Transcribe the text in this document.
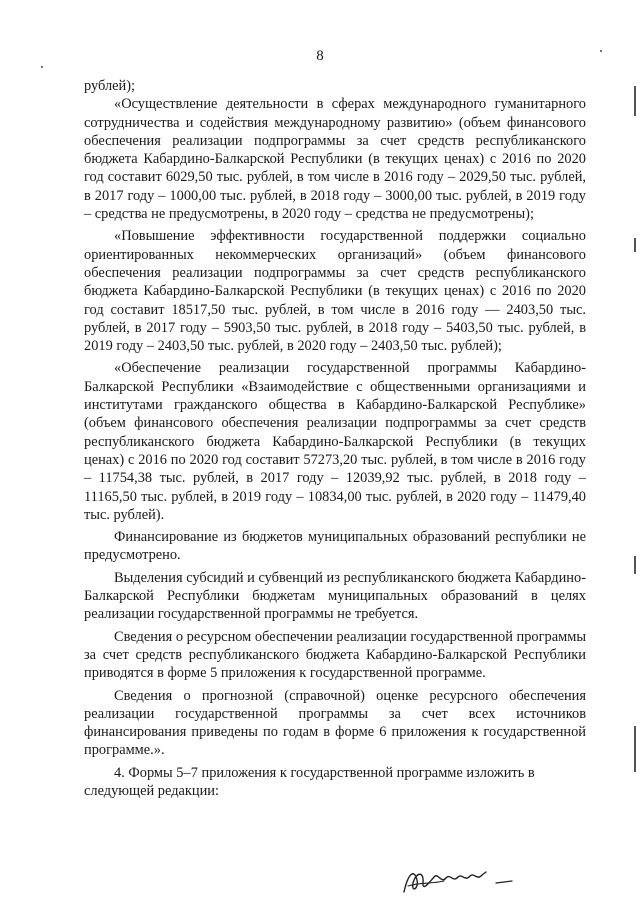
8

рублей);

«Осуществление деятельности в сферах международного гуманитарного сотрудничества и содействия международному развитию» (объем финансового обеспечения реализации подпрограммы за счет средств республиканского бюджета Кабардино-Балкарской Республики (в текущих ценах) с 2016 по 2020 год составит 6029,50 тыс. рублей, в том числе в 2016 году – 2029,50 тыс. рублей, в 2017 году – 1000,00 тыс. рублей, в 2018 году – 3000,00 тыс. рублей, в 2019 году – средства не предусмотрены, в 2020 году – средства не предусмотрены);

«Повышение эффективности государственной поддержки социально ориентированных некоммерческих организаций» (объем финансового обеспечения реализации подпрограммы за счет средств республиканского бюджета Кабардино-Балкарской Республики (в текущих ценах) с 2016 по 2020 год составит 18517,50 тыс. рублей, в том числе в 2016 году — 2403,50 тыс. рублей, в 2017 году – 5903,50 тыс. рублей, в 2018 году – 5403,50 тыс. рублей, в 2019 году – 2403,50 тыс. рублей, в 2020 году – 2403,50 тыс. рублей);

«Обеспечение реализации государственной программы Кабардино-Балкарской Республики «Взаимодействие с общественными организациями и институтами гражданского общества в Кабардино-Балкарской Республике» (объем финансового обеспечения реализации подпрограммы за счет средств республиканского бюджета Кабардино-Балкарской Республики (в текущих ценах) с 2016 по 2020 год составит 57273,20 тыс. рублей, в том числе в 2016 году – 11754,38 тыс. рублей, в 2017 году – 12039,92 тыс. рублей, в 2018 году – 11165,50 тыс. рублей, в 2019 году – 10834,00 тыс. рублей, в 2020 году – 11479,40 тыс. рублей).

Финансирование из бюджетов муниципальных образований республики не предусмотрено.

Выделения субсидий и субвенций из республиканского бюджета Кабардино-Балкарской Республики бюджетам муниципальных образований в целях реализации государственной программы не требуется.

Сведения о ресурсном обеспечении реализации государственной программы за счет средств республиканского бюджета Кабардино-Балкарской Республики приводятся в форме 5 приложения к государственной программе.

Сведения о прогнозной (справочной) оценке ресурсного обеспечения реализации государственной программы за счет всех источников финансирования приведены по годам в форме 6 приложения к государственной программе.».

4. Формы 5–7 приложения к государственной программе изложить в следующей редакции:
